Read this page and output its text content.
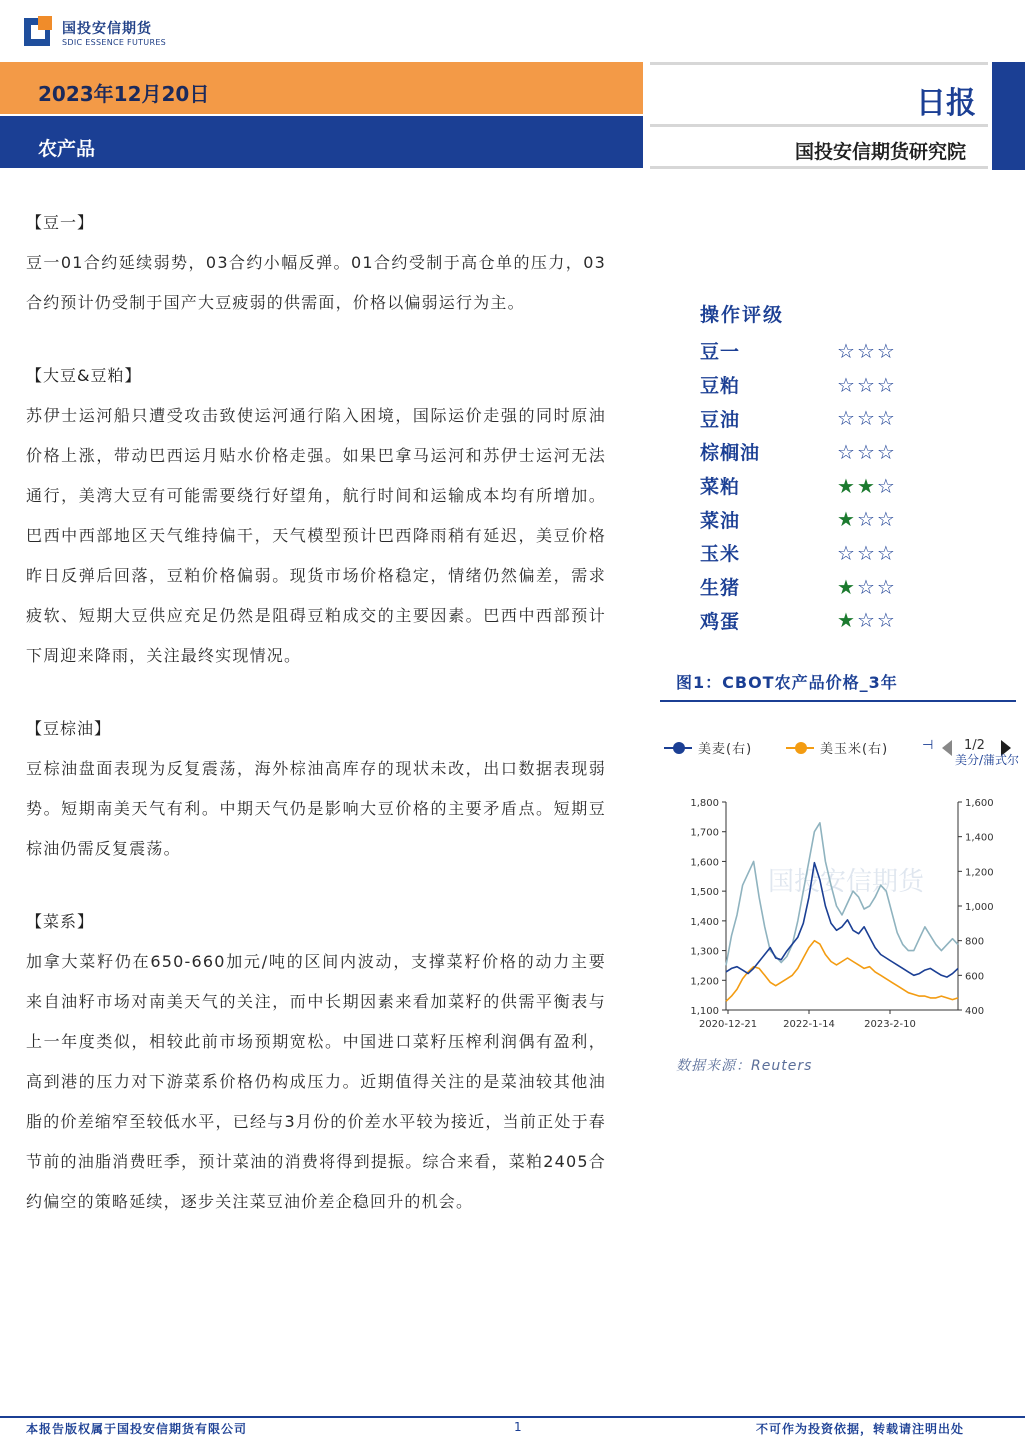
国投安信期货
SDIC ESSENCE FUTURES
2023年12月20日
农产品
日报
国投安信期货研究院
【豆一】
豆一01合约延续弱势，03合约小幅反弹。01合约受制于高仓单的压力，03合约预计仍受制于国产大豆疲弱的供需面，价格以偏弱运行为主。
【大豆&豆粕】
苏伊士运河船只遭受攻击致使运河通行陷入困境，国际运价走强的同时原油价格上涨，带动巴西运月贴水价格走强。如果巴拿马运河和苏伊士运河无法通行，美湾大豆有可能需要绕行好望角，航行时间和运输成本均有所增加。巴西中西部地区天气维持偏干，天气模型预计巴西降雨稍有延迟，美豆价格昨日反弹后回落，豆粕价格偏弱。现货市场价格稳定，情绪仍然偏差，需求疲软、短期大豆供应充足仍然是阻碍豆粕成交的主要因素。巴西中西部预计下周迎来降雨，关注最终实现情况。
【豆棕油】
豆棕油盘面表现为反复震荡，海外棕油高库存的现状未改，出口数据表现弱势。短期南美天气有利。中期天气仍是影响大豆价格的主要矛盾点。短期豆棕油仍需反复震荡。
【菜系】
加拿大菜籽仍在650-660加元/吨的区间内波动，支撑菜籽价格的动力主要来自油籽市场对南美天气的关注，而中长期因素来看加菜籽的供需平衡表与上一年度类似，相较此前市场预期宽松。中国进口菜籽压榨利润偶有盈利，高到港的压力对下游菜系价格仍构成压力。近期值得关注的是菜油较其他油脂的价差缩窄至较低水平，已经与3月份的价差水平较为接近，当前正处于春节前的油脂消费旺季，预计菜油的消费将得到提振。综合来看，菜粕2405合约偏空的策略延续，逐步关注菜豆油价差企稳回升的机会。
操作评级
豆一	☆ ☆ ☆
豆粕	☆ ☆ ☆
豆油	☆ ☆ ☆
棕榈油	☆ ☆ ☆
菜粕	★ ★ ☆
菜油	★ ☆ ☆
玉米	☆ ☆ ☆
生猪	★ ☆ ☆
鸡蛋	★ ☆ ☆
图1：CBOT农产品价格_3年
美麦(右)	美玉米(右)	⊣ 1/2
美分/蒲式尔
国投安信期货
1,800
1,700
1,600
1,500
1,400
1,300
1,200
1,100
1,600
1,400
1,200
1,000
800
600
400
2020-12-21	2022-1-14	2023-2-10
数据来源：Reuters
本报告版权属于国投安信期货有限公司	1	不可作为投资依据，转载请注明出处
